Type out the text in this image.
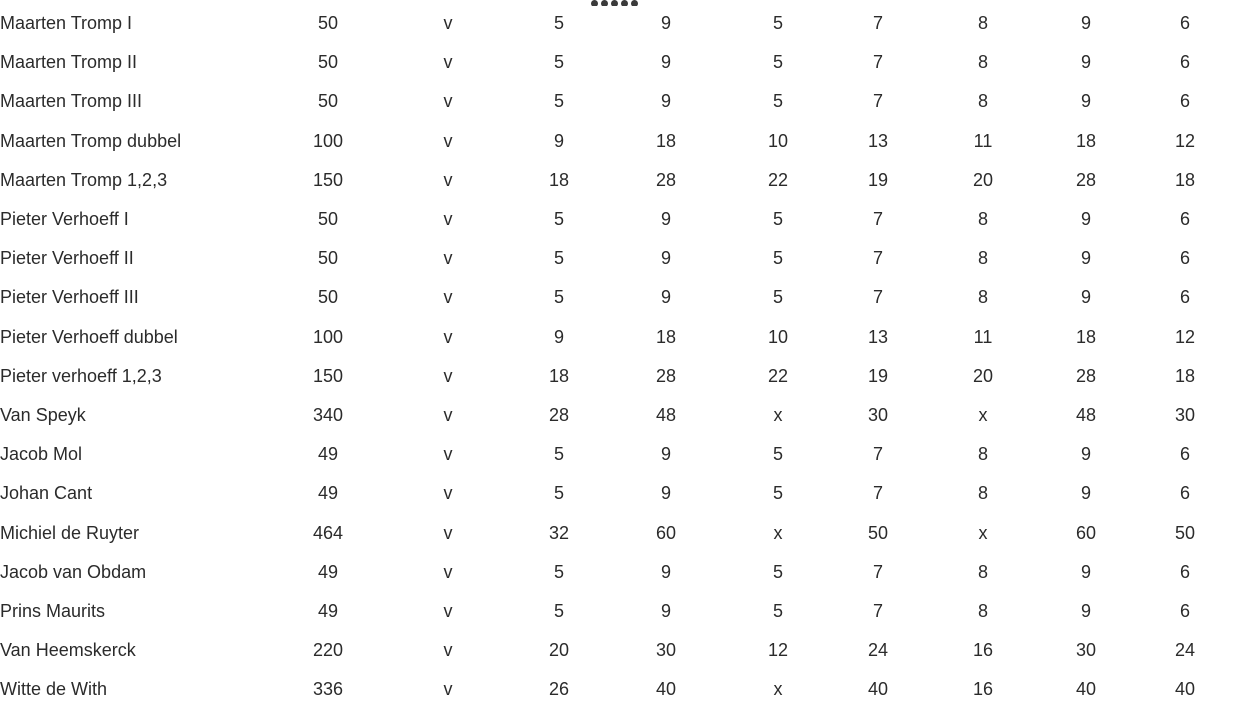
Maarten Tromp I	50	v	5	9	5	7	8	9	6
Maarten Tromp II	50	v	5	9	5	7	8	9	6
Maarten Tromp III	50	v	5	9	5	7	8	9	6
Maarten Tromp dubbel	100	v	9	18	10	13	11	18	12
Maarten Tromp 1,2,3	150	v	18	28	22	19	20	28	18
Pieter Verhoeff I	50	v	5	9	5	7	8	9	6
Pieter Verhoeff II	50	v	5	9	5	7	8	9	6
Pieter Verhoeff III	50	v	5	9	5	7	8	9	6
Pieter Verhoeff dubbel	100	v	9	18	10	13	11	18	12
Pieter verhoeff 1,2,3	150	v	18	28	22	19	20	28	18
Van Speyk	340	v	28	48	x	30	x	48	30
Jacob Mol	49	v	5	9	5	7	8	9	6
Johan Cant	49	v	5	9	5	7	8	9	6
Michiel de Ruyter	464	v	32	60	x	50	x	60	50
Jacob van Obdam	49	v	5	9	5	7	8	9	6
Prins Maurits	49	v	5	9	5	7	8	9	6
Van Heemskerck	220	v	20	30	12	24	16	30	24
Witte de With	336	v	26	40	x	40	16	40	40
